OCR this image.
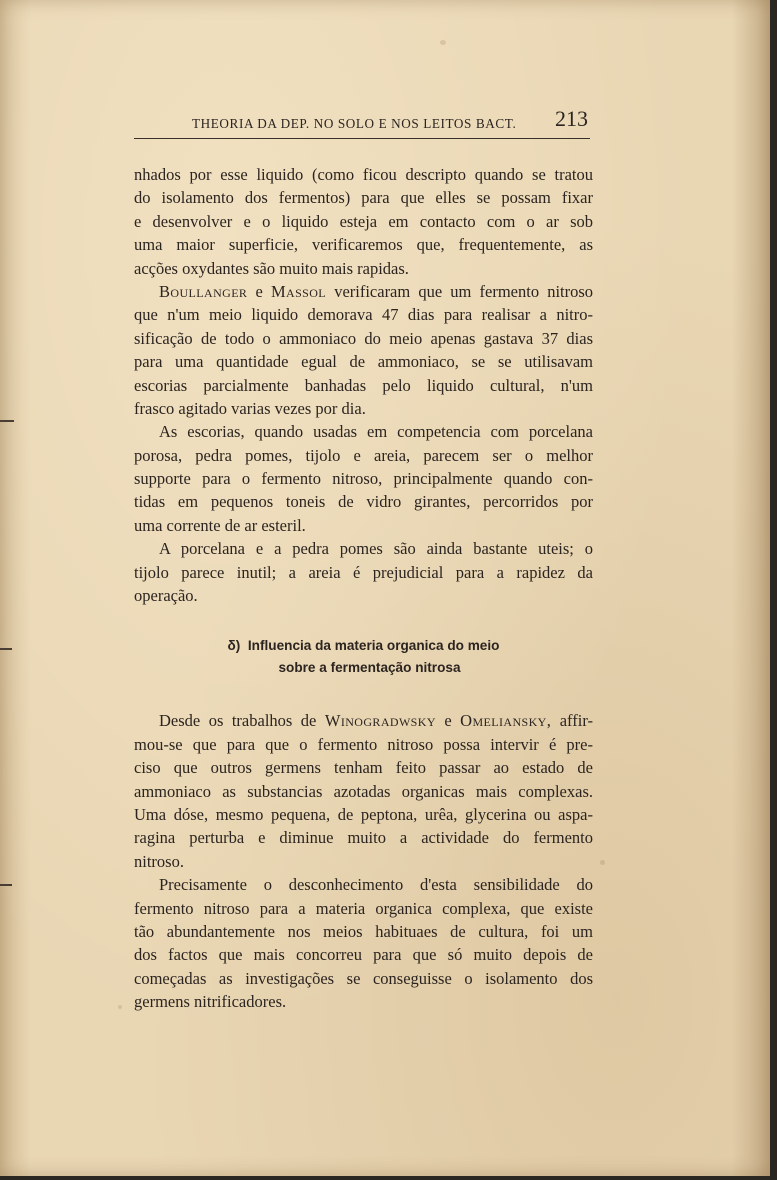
THEORIA DA DEP. NO SOLO E NOS LEITOS BACT. 213
nhados por esse liquido (como ficou descripto quando se tratou
do isolamento dos fermentos) para que elles se possam fixar
e desenvolver e o liquido esteja em contacto com o ar sob
uma maior superficie, verificaremos que, frequentemente, as
acções oxydantes são muito mais rapidas.
Boullanger e Massol verificaram que um fermento nitroso
que n'um meio liquido demorava 47 dias para realisar a nitro-
sificação de todo o ammoniaco do meio apenas gastava 37 dias
para uma quantidade egual de ammoniaco, se se utilisavam
escorias parcialmente banhadas pelo liquido cultural, n'um
frasco agitado varias vezes por dia.
As escorias, quando usadas em competencia com porcelana
porosa, pedra pomes, tijolo e areia, parecem ser o melhor
supporte para o fermento nitroso, principalmente quando con-
tidas em pequenos toneis de vidro girantes, percorridos por
uma corrente de ar esteril.
A porcelana e a pedra pomes são ainda bastante uteis; o
tijolo parece inutil; a areia é prejudicial para a rapidez da
operação.
δ) Influencia da materia organica do meio
sobre a fermentação nitrosa
Desde os trabalhos de Winogradwsky e Omeliansky, affir-
mou-se que para que o fermento nitroso possa intervir é pre-
ciso que outros germens tenham feito passar ao estado de
ammoniaco as substancias azotadas organicas mais complexas.
Uma dóse, mesmo pequena, de peptona, urêa, glycerina ou aspa-
ragina perturba e diminue muito a actividade do fermento
nitroso.
Precisamente o desconhecimento d'esta sensibilidade do
fermento nitroso para a materia organica complexa, que existe
tão abundantemente nos meios habituaes de cultura, foi um
dos factos que mais concorreu para que só muito depois de
começadas as investigações se conseguisse o isolamento dos
germens nitrificadores.
